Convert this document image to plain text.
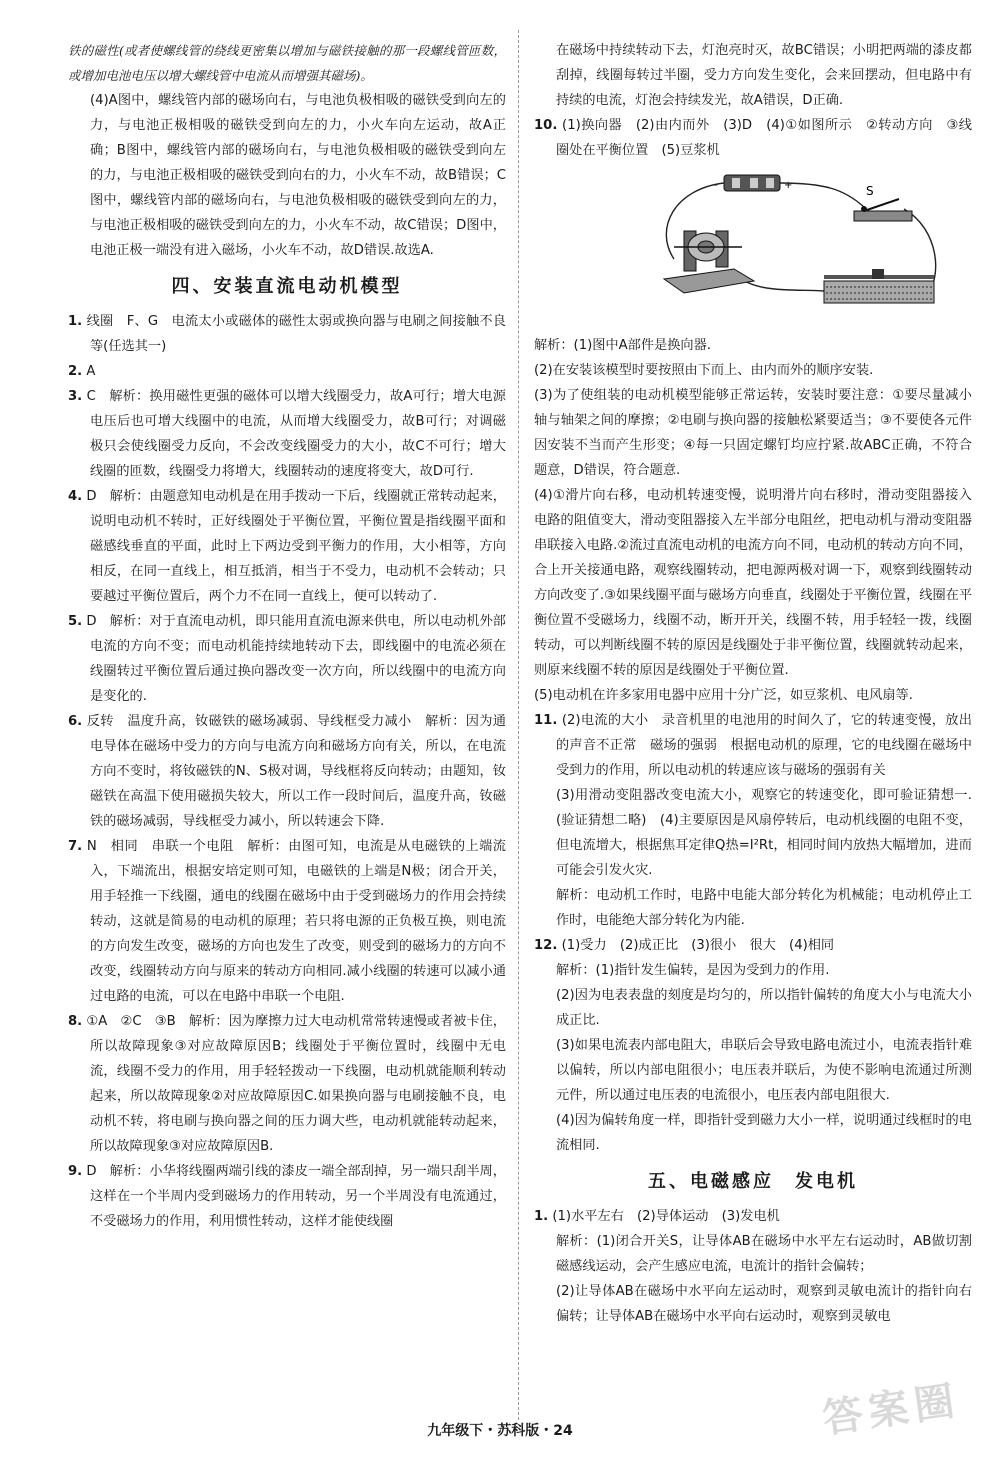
铁的磁性(或者使螺线管的绕线更密集以增加与磁铁接触的那一段螺线管匝数，或增加电池电压以增大螺线管中电流从而增强其磁场)。

(4)A图中，螺线管内部的磁场向右，与电池负极相吸的磁铁受到向左的力，与电池正极相吸的磁铁受到向左的力，小火车向左运动，故A正确；B图中，螺线管内部的磁场向右，与电池负极相吸的磁铁受到向左的力，与电池正极相吸的磁铁受到向右的力，小火车不动，故B错误；C图中，螺线管内部的磁场向右，与电池负极相吸的磁铁受到向左的力，与电池正极相吸的磁铁受到向左的力，小火车不动，故C错误；D图中，电池正极一端没有进入磁场，小火车不动，故D错误.故选A.

四、安装直流电动机模型

1. 线圈　F、G　电流太小或磁体的磁性太弱或换向器与电刷之间接触不良等(任选其一)

2. A

3. C　解析：换用磁性更强的磁体可以增大线圈受力，故A可行；增大电源电压后也可增大线圈中的电流，从而增大线圈受力，故B可行；对调磁极只会使线圈受力反向，不会改变线圈受力的大小，故C不可行；增大线圈的匝数，线圈受力将增大，线圈转动的速度将变大，故D可行.

4. D　解析：由题意知电动机是在用手拨动一下后，线圈就正常转动起来，说明电动机不转时，正好线圈处于平衡位置，平衡位置是指线圈平面和磁感线垂直的平面，此时上下两边受到平衡力的作用，大小相等，方向相反，在同一直线上，相互抵消，相当于不受力，电动机不会转动；只要越过平衡位置后，两个力不在同一直线上，便可以转动了.

5. D　解析：对于直流电动机，即只能用直流电源来供电，所以电动机外部电流的方向不变；而电动机能持续地转动下去，即线圈中的电流必须在线圈转过平衡位置后通过换向器改变一次方向，所以线圈中的电流方向是变化的.

6. 反转　温度升高，钕磁铁的磁场减弱、导线框受力减小　解析：因为通电导体在磁场中受力的方向与电流方向和磁场方向有关，所以，在电流方向不变时，将钕磁铁的N、S极对调，导线框将反向转动；由题知，钕磁铁在高温下使用磁损失较大，所以工作一段时间后，温度升高，钕磁铁的磁场减弱，导线框受力减小，所以转速会下降.

7. N　相同　串联一个电阻　解析：由图可知，电流是从电磁铁的上端流入，下端流出，根据安培定则可知，电磁铁的上端是N极；闭合开关，用手轻推一下线圈，通电的线圈在磁场中由于受到磁场力的作用会持续转动，这就是简易的电动机的原理；若只将电源的正负极互换，则电流的方向发生改变，磁场的方向也发生了改变，则受到的磁场力的方向不改变，线圈转动方向与原来的转动方向相同.减小线圈的转速可以减小通过电路的电流，可以在电路中串联一个电阻.

8. ①A　②C　③B　解析：因为摩擦力过大电动机常常转速慢或者被卡住，所以故障现象③对应故障原因B；线圈处于平衡位置时，线圈中无电流，线圈不受力的作用，用手轻轻拨动一下线圈，电动机就能顺利转动起来，所以故障现象②对应故障原因C.如果换向器与电刷接触不良，电动机不转，将电刷与换向器之间的压力调大些，电动机就能转动起来，所以故障现象③对应故障原因B.

9. D　解析：小华将线圈两端引线的漆皮一端全部刮掉，另一端只刮半周，这样在一个半周内受到磁场力的作用转动，另一个半周没有电流通过，不受磁场力的作用，利用惯性转动，这样才能使线圈

在磁场中持续转动下去，灯泡亮时灭，故BC错误；小明把两端的漆皮都刮掉，线圈每转过半圈，受力方向发生变化，会来回摆动，但电路中有持续的电流，灯泡会持续发光，故A错误，D正确.

10. (1)换向器　(2)由内而外　(3)D　(4)①如图所示　②转动方向　③线圈处在平衡位置　(5)豆浆机

-	+	S

解析：(1)图中A部件是换向器.

(2)在安装该模型时要按照由下而上、由内而外的顺序安装.

(3)为了使组装的电动机模型能够正常运转，安装时要注意：①要尽量减小轴与轴架之间的摩擦；②电刷与换向器的接触松紧要适当；③不要使各元件因安装不当而产生形变；④每一只固定螺钉均应拧紧.故ABC正确，不符合题意，D错误，符合题意.

(4)①滑片向右移，电动机转速变慢，说明滑片向右移时，滑动变阻器接入电路的阻值变大，滑动变阻器接入左半部分电阻丝，把电动机与滑动变阻器串联接入电路.②流过直流电动机的电流方向不同，电动机的转动方向不同，合上开关接通电路，观察线圈转动，把电源两极对调一下，观察到线圈转动方向改变了.③如果线圈平面与磁场方向垂直，线圈处于平衡位置，线圈在平衡位置不受磁场力，线圈不动，断开开关，线圈不转，用手轻轻一拨，线圈转动，可以判断线圈不转的原因是线圈处于非平衡位置，线圈就转动起来，则原来线圈不转的原因是线圈处于平衡位置.

(5)电动机在许多家用电器中应用十分广泛，如豆浆机、电风扇等.

11. (2)电流的大小　录音机里的电池用的时间久了，它的转速变慢，放出的声音不正常　磁场的强弱　根据电动机的原理，它的电线圈在磁场中受到力的作用，所以电动机的转速应该与磁场的强弱有关

(3)用滑动变阻器改变电流大小，观察它的转速变化，即可验证猜想一.(验证猜想二略)　(4)主要原因是风扇停转后，电动机线圈的电阻不变，但电流增大，根据焦耳定律Q热=I²Rt，相同时间内放热大幅增加，进而可能会引发火灾.

解析：电动机工作时，电路中电能大部分转化为机械能；电动机停止工作时，电能绝大部分转化为内能.

12. (1)受力　(2)成正比　(3)很小　很大　(4)相同

解析：(1)指针发生偏转，是因为受到力的作用.

(2)因为电表表盘的刻度是均匀的，所以指针偏转的角度大小与电流大小成正比.

(3)如果电流表内部电阻大，串联后会导致电路电流过小，电流表指针难以偏转，所以内部电阻很小；电压表并联后，为使不影响电流通过所测元件，所以通过电压表的电流很小，电压表内部电阻很大.

(4)因为偏转角度一样，即指针受到磁力大小一样，说明通过线框时的电流相同.

五、电磁感应　发电机

1. (1)水平左右　(2)导体运动　(3)发电机

解析：(1)闭合开关S，让导体AB在磁场中水平左右运动时，AB做切割磁感线运动，会产生感应电流，电流计的指针会偏转；

(2)让导体AB在磁场中水平向左运动时，观察到灵敏电流计的指针向右偏转；让导体AB在磁场中水平向右运动时，观察到灵敏电

九年级下・苏科版・24	答案圈
